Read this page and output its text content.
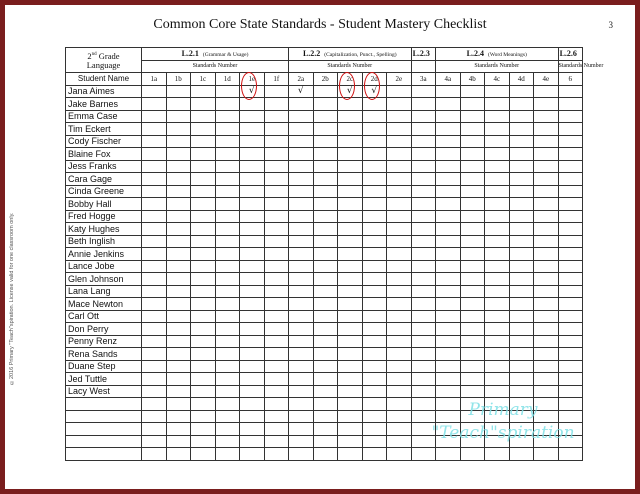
3
Common Core State Standards - Student Mastery Checklist
©2016 Primary "Teach"spiration. License valid for one classroom only.
2nd Grade
Language	L.2.1 (Grammar & Usage)						L.2.2 (Capitalization, Punct., Spelling)					L.2.3	L.2.4 (Word Meanings)					L.2.6
	Standards Number						Standards Number						Standards Number					Standards Number
Student Name	1a	1b	1c	1d	1e	1f	2a	2b	2c	2d	2e	3a	4a	4b	4c	4d	4e	6
Jana Aimes					√		√		√	√								
Jake Barnes																		
Emma Case																		
Tim Eckert																		
Cody Fischer																		
Blaine Fox																		
Jess Franks																		
Cara Gage																		
Cinda Greene																		
Bobby Hall																		
Fred Hogge																		
Katy Hughes																		
Beth Inglish																		
Annie Jenkins																		
Lance Jobe																		
Glen Johnson																		
Lana Lang																		
Mace Newton																		
Carl Ott																		
Don Perry																		
Penny Renz																		
Rena Sands																		
Duane Step																		
Jed Tuttle																		
Lacy West																		

Primary
"Teach"spiration
